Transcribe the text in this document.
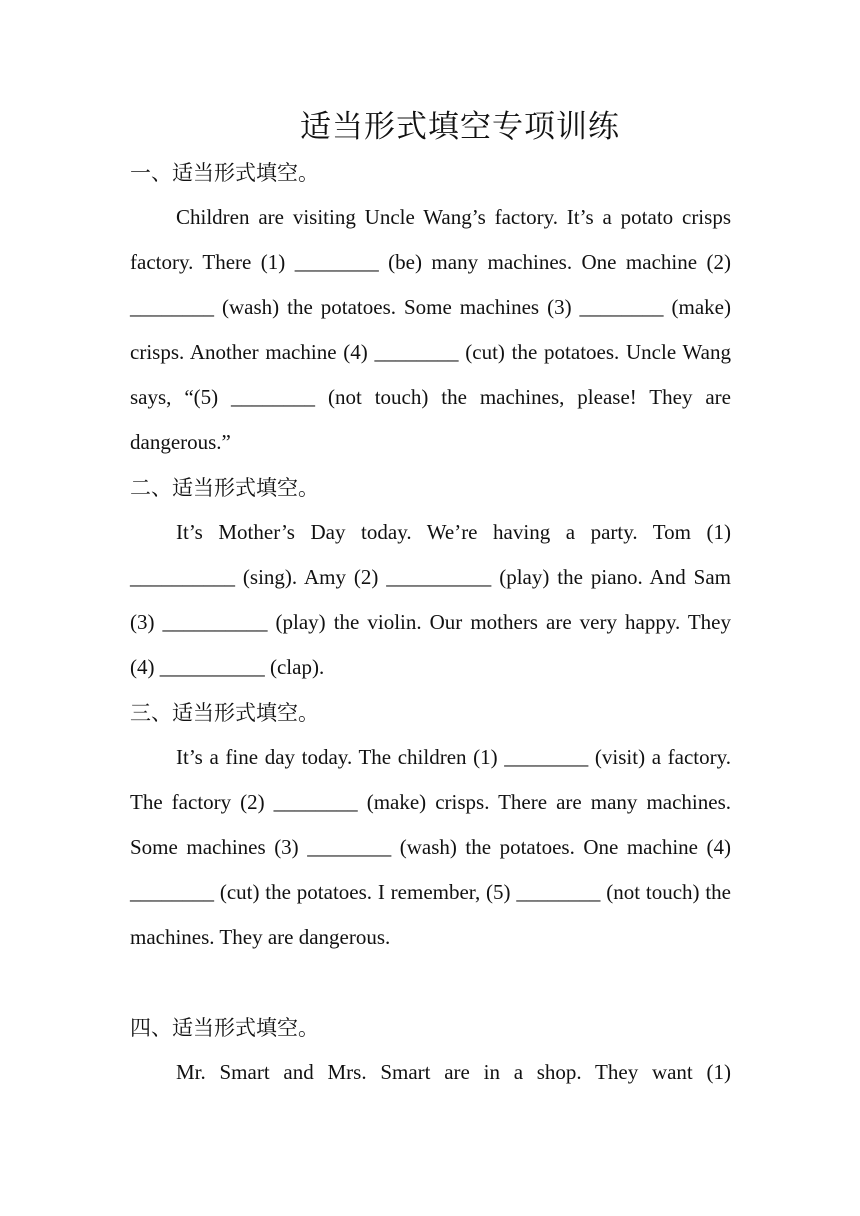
适当形式填空专项训练
一、适当形式填空。
Children are visiting Uncle Wang’s factory. It’s a potato crisps factory. There (1) ________ (be) many machines. One machine (2) ________ (wash) the potatoes. Some machines (3) ________ (make) crisps. Another machine (4) ________ (cut) the potatoes. Uncle Wang says, “(5) ________ (not touch) the machines, please! They are dangerous.”
二、适当形式填空。
It’s Mother’s Day today. We’re having a party. Tom (1) __________ (sing). Amy (2) __________ (play) the piano. And Sam (3) __________ (play) the violin. Our mothers are very happy. They (4) __________ (clap).
三、适当形式填空。
It’s a fine day today. The children (1) ________ (visit) a factory. The factory (2) ________ (make) crisps. There are many machines. Some machines (3) ________ (wash) the potatoes. One machine (4) ________ (cut) the potatoes. I remember, (5) ________ (not touch) the machines. They are dangerous.
四、适当形式填空。
Mr. Smart and Mrs. Smart are in a shop. They want (1)
